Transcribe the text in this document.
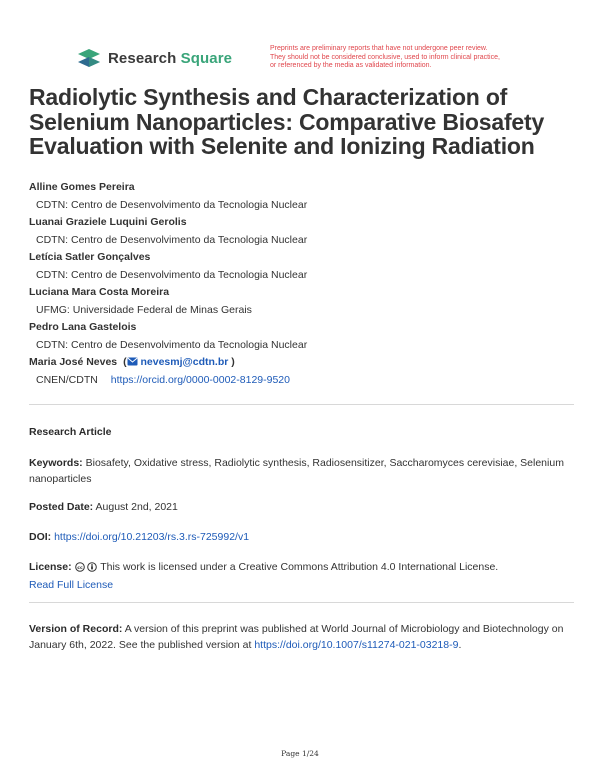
Research Square
Preprints are preliminary reports that have not undergone peer review.
They should not be considered conclusive, used to inform clinical practice,
or referenced by the media as validated information.
Radiolytic Synthesis and Characterization of Selenium Nanoparticles: Comparative Biosafety Evaluation with Selenite and Ionizing Radiation
Alline Gomes Pereira
CDTN: Centro de Desenvolvimento da Tecnologia Nuclear
Luanai Graziele Luquini Gerolis
CDTN: Centro de Desenvolvimento da Tecnologia Nuclear
Letícia Satler Gonçalves
CDTN: Centro de Desenvolvimento da Tecnologia Nuclear
Luciana Mara Costa Moreira
UFMG: Universidade Federal de Minas Gerais
Pedro Lana Gastelois
CDTN: Centro de Desenvolvimento da Tecnologia Nuclear
Maria José Neves ( nevesmj@cdtn.br )
CNEN/CDTN https://orcid.org/0000-0002-8129-9520
Research Article
Keywords: Biosafety, Oxidative stress, Radiolytic synthesis, Radiosensitizer, Saccharomyces cerevisiae, Selenium nanoparticles
Posted Date: August 2nd, 2021
DOI: https://doi.org/10.21203/rs.3.rs-725992/v1
License: cc This work is licensed under a Creative Commons Attribution 4.0 International License.
Read Full License
Version of Record: A version of this preprint was published at World Journal of Microbiology and Biotechnology on January 6th, 2022. See the published version at https://doi.org/10.1007/s11274-021-03218-9.
Page 1/24
